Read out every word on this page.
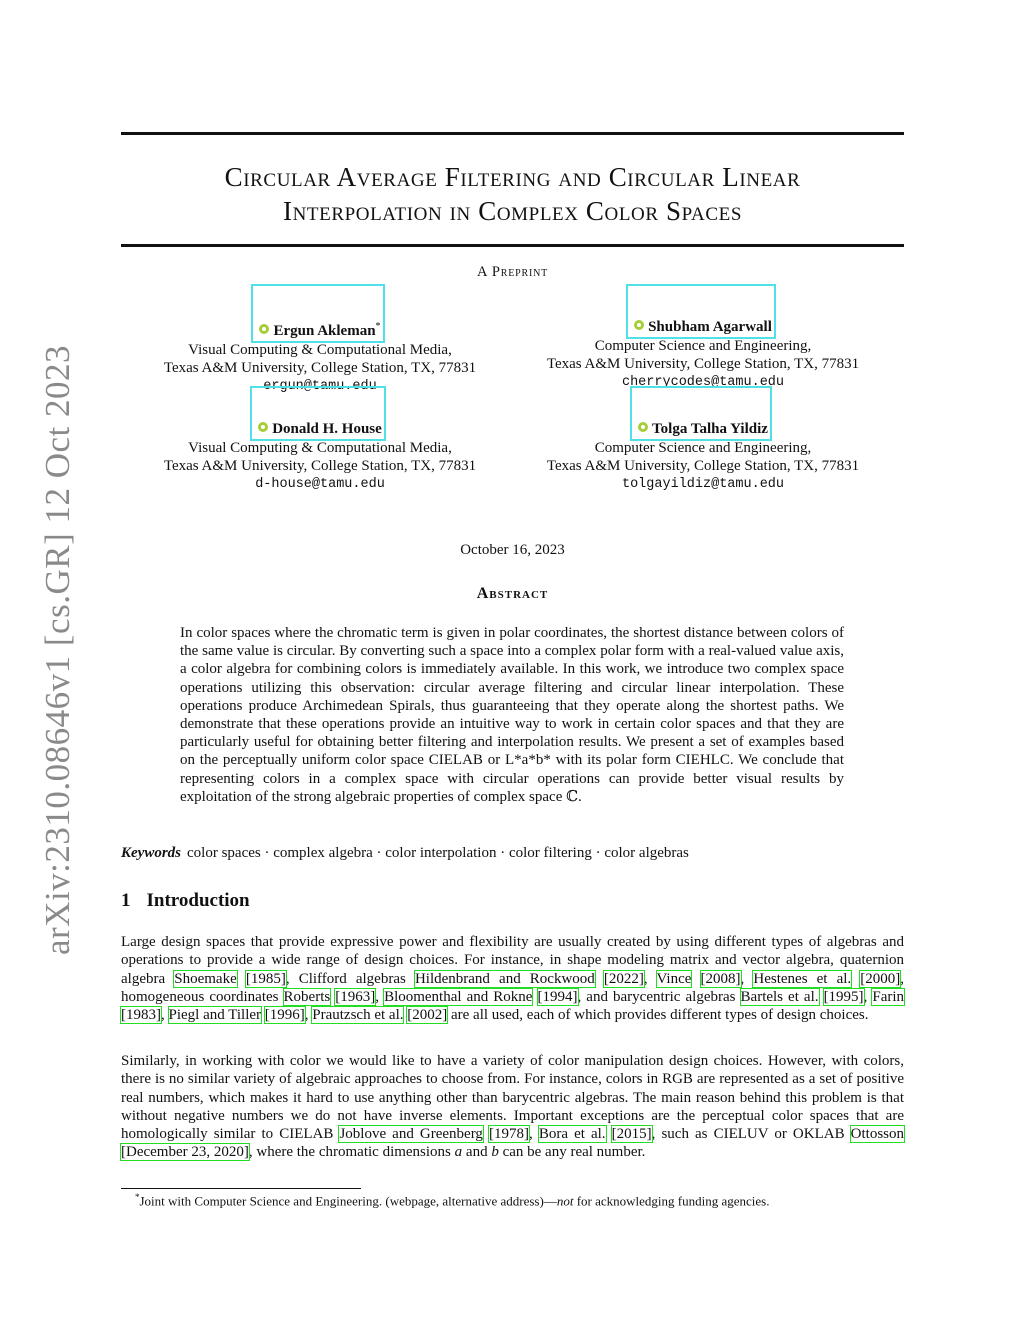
arXiv:2310.08646v1 [cs.GR] 12 Oct 2023
Circular Average Filtering and Circular Linear
Interpolation in Complex Color Spaces
A Preprint
Ergun Akleman*
Visual Computing & Computational Media,
Texas A&M University, College Station, TX, 77831
ergun@tamu.edu
Shubham Agarwall
Computer Science and Engineering,
Texas A&M University, College Station, TX, 77831
cherrycodes@tamu.edu
Donald H. House
Visual Computing & Computational Media,
Texas A&M University, College Station, TX, 77831
d-house@tamu.edu
Tolga Talha Yildiz
Computer Science and Engineering,
Texas A&M University, College Station, TX, 77831
tolgayildiz@tamu.edu
October 16, 2023
Abstract

In color spaces where the chromatic term is given in polar coordinates, the shortest distance between colors of the same value is circular. By converting such a space into a complex polar form with a real-valued value axis, a color algebra for combining colors is immediately available. In this work, we introduce two complex space operations utilizing this observation: circular average filtering and circular linear interpolation. These operations produce Archimedean Spirals, thus guaranteeing that they operate along the shortest paths. We demonstrate that these operations provide an intuitive way to work in certain color spaces and that they are particularly useful for obtaining better filtering and interpolation results. We present a set of examples based on the perceptually uniform color space CIELAB or L*a*b* with its polar form CIEHLC. We conclude that representing colors in a complex space with circular operations can provide better visual results by exploitation of the strong algebraic properties of complex space ℂ.

Keywords color spaces · complex algebra · color interpolation · color filtering · color algebras
1 Introduction

Large design spaces that provide expressive power and flexibility are usually created by using different types of algebras and operations to provide a wide range of design choices. For instance, in shape modeling matrix and vector algebra, quaternion algebra Shoemake [1985], Clifford algebras Hildenbrand and Rockwood [2022], Vince [2008], Hestenes et al. [2000], homogeneous coordinates Roberts [1963], Bloomenthal and Rokne [1994], and barycentric algebras Bartels et al. [1995], Farin [1983], Piegl and Tiller [1996], Prautzsch et al. [2002] are all used, each of which provides different types of design choices.

Similarly, in working with color we would like to have a variety of color manipulation design choices. However, with colors, there is no similar variety of algebraic approaches to choose from. For instance, colors in RGB are represented as a set of positive real numbers, which makes it hard to use anything other than barycentric algebras. The main reason behind this problem is that without negative numbers we do not have inverse elements. Important exceptions are the perceptual color spaces that are homologically similar to CIELAB Joblove and Greenberg [1978], Bora et al. [2015], such as CIELUV or OKLAB Ottosson [December 23, 2020], where the chromatic dimensions a and b can be any real number.

*Joint with Computer Science and Engineering. (webpage, alternative address)—not for acknowledging funding agencies.
